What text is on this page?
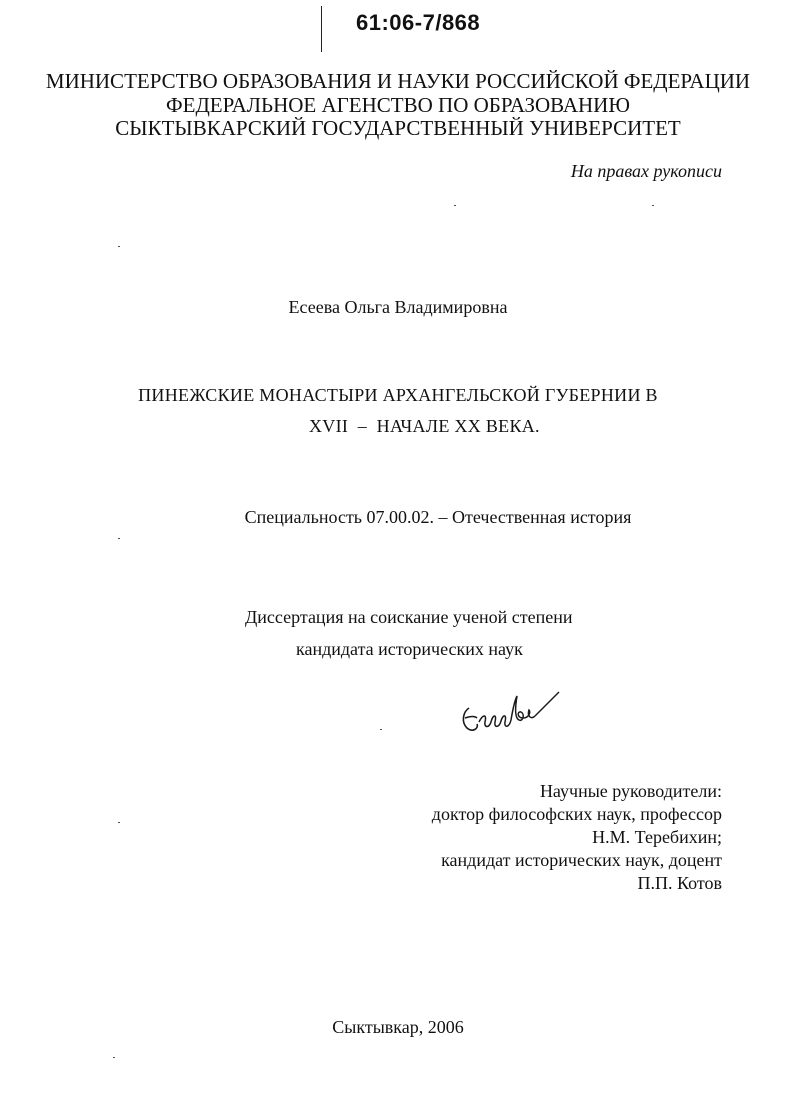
61:06-7/868
МИНИСТЕРСТВО ОБРАЗОВАНИЯ И НАУКИ РОССИЙСКОЙ ФЕДЕРАЦИИ
ФЕДЕРАЛЬНОЕ АГЕНСТВО ПО ОБРАЗОВАНИЮ
СЫКТЫВКАРСКИЙ ГОСУДАРСТВЕННЫЙ УНИВЕРСИТЕТ
На правах рукописи
Есеева Ольга Владимировна
ПИНЕЖСКИЕ МОНАСТЫРИ АРХАНГЕЛЬСКОЙ ГУБЕРНИИ В
XVII  –  НАЧАЛЕ XX ВЕКА.
Специальность 07.00.02. – Отечественная история
Диссертация на соискание ученой степени
кандидата исторических наук
Научные руководители:
доктор философских наук, профессор
Н.М. Теребихин;
кандидат исторических наук, доцент
П.П. Котов
Сыктывкар, 2006
